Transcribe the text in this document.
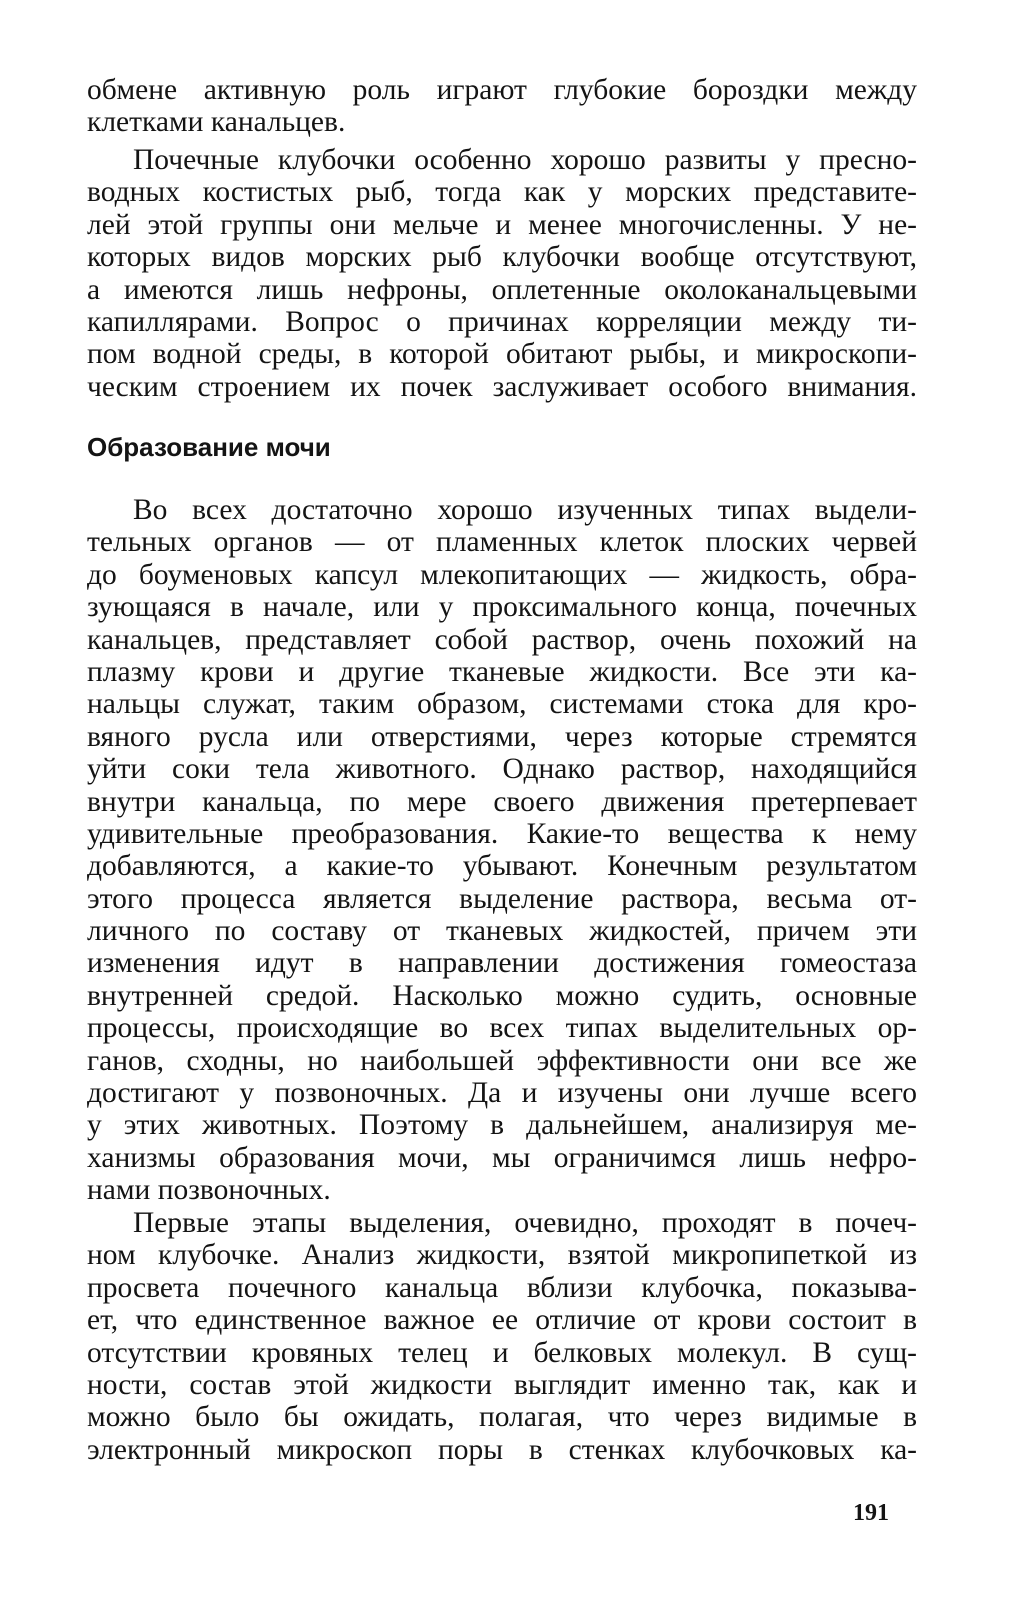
обмене активную роль играют глубокие бороздки между
клетками канальцев.
Почечные клубочки особенно хорошо развиты у пресно-
водных костистых рыб, тогда как у морских представите-
лей этой группы они мельче и менее многочисленны. У не-
которых видов морских рыб клубочки вообще отсутствуют,
а имеются лишь нефроны, оплетенные околоканальцевыми
капиллярами. Вопрос о причинах корреляции между ти-
пом водной среды, в которой обитают рыбы, и микроскопи-
ческим строением их почек заслуживает особого внимания.
Образование мочи
Во всех достаточно хорошо изученных типах выдели-
тельных органов — от пламенных клеток плоских червей
до боуменовых капсул млекопитающих — жидкость, обра-
зующаяся в начале, или у проксимального конца, почечных
канальцев, представляет собой раствор, очень похожий на
плазму крови и другие тканевые жидкости. Все эти ка-
нальцы служат, таким образом, системами стока для кро-
вяного русла или отверстиями, через которые стремятся
уйти соки тела животного. Однако раствор, находящийся
внутри канальца, по мере своего движения претерпевает
удивительные преобразования. Какие-то вещества к нему
добавляются, а какие-то убывают. Конечным результатом
этого процесса является выделение раствора, весьма от-
личного по составу от тканевых жидкостей, причем эти
изменения идут в направлении достижения гомеостаза
внутренней средой. Насколько можно судить, основные
процессы, происходящие во всех типах выделительных ор-
ганов, сходны, но наибольшей эффективности они все же
достигают у позвоночных. Да и изучены они лучше всего
у этих животных. Поэтому в дальнейшем, анализируя ме-
ханизмы образования мочи, мы ограничимся лишь нефро-
нами позвоночных.
Первые этапы выделения, очевидно, проходят в почеч-
ном клубочке. Анализ жидкости, взятой микропипеткой из
просвета почечного канальца вблизи клубочка, показыва-
ет, что единственное важное ее отличие от крови состоит в
отсутствии кровяных телец и белковых молекул. В сущ-
ности, состав этой жидкости выглядит именно так, как и
можно было бы ожидать, полагая, что через видимые в
электронный микроскоп поры в стенках клубочковых ка-
191
